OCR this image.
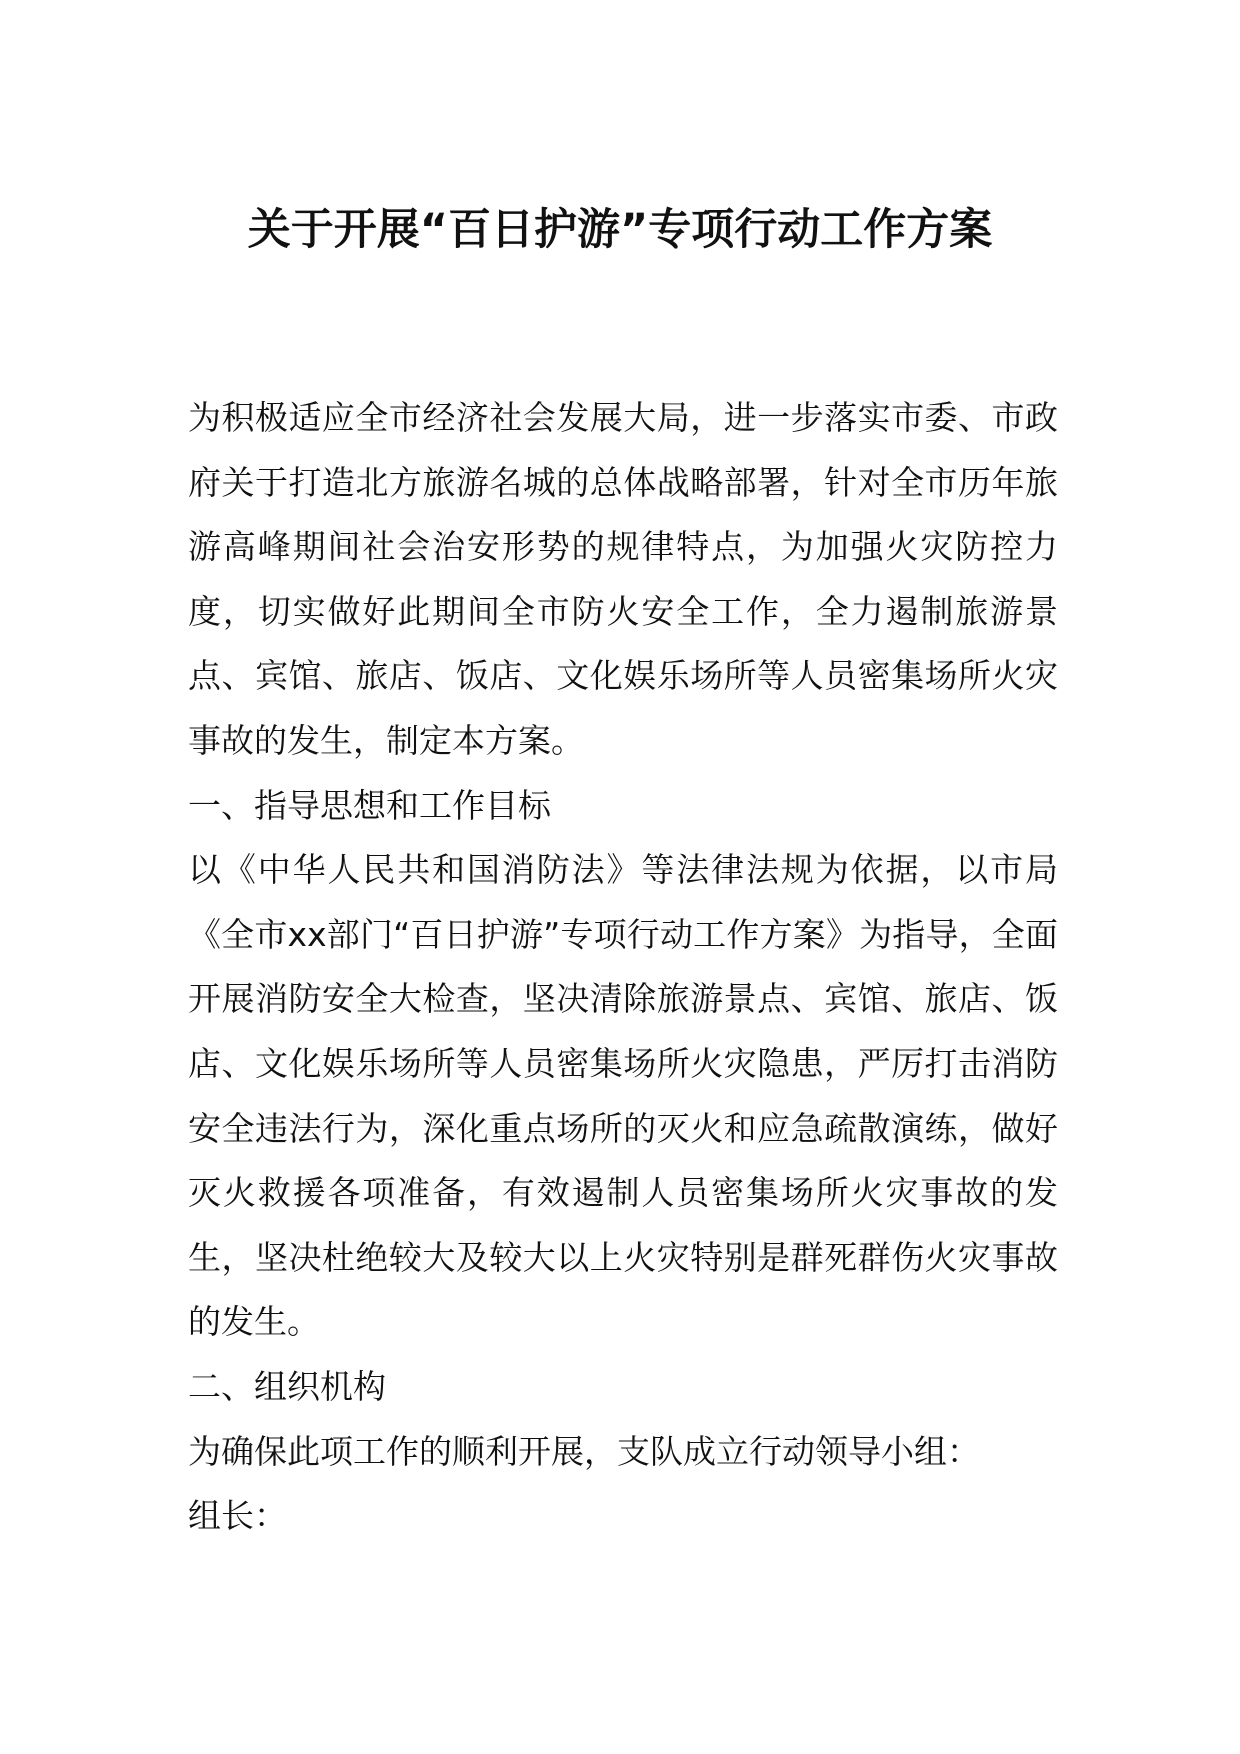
关于开展“百日护游”专项行动工作方案

为积极适应全市经济社会发展大局，进一步落实市委、市政府关于打造北方旅游名城的总体战略部署，针对全市历年旅游高峰期间社会治安形势的规律特点，为加强火灾防控力度，切实做好此期间全市防火安全工作，全力遏制旅游景点、宾馆、旅店、饭店、文化娱乐场所等人员密集场所火灾事故的发生，制定本方案。

一、指导思想和工作目标

以《中华人民共和国消防法》等法律法规为依据，以市局《全市xx部门“百日护游”专项行动工作方案》为指导，全面开展消防安全大检查，坚决清除旅游景点、宾馆、旅店、饭店、文化娱乐场所等人员密集场所火灾隐患，严厉打击消防安全违法行为，深化重点场所的灭火和应急疏散演练，做好灭火救援各项准备，有效遏制人员密集场所火灾事故的发生，坚决杜绝较大及较大以上火灾特别是群死群伤火灾事故的发生。

二、组织机构

为确保此项工作的顺利开展，支队成立行动领导小组：

组长：
